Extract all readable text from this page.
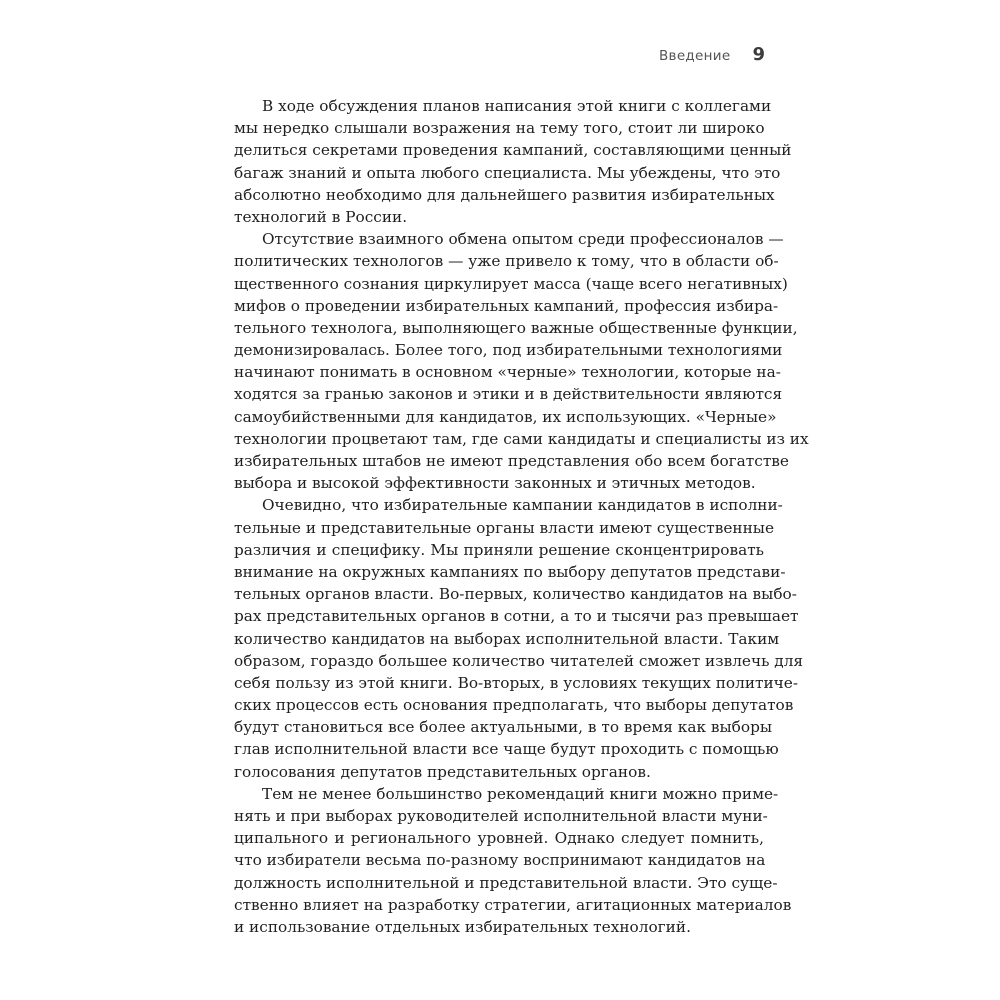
Введение 9
В ходе обсуждения планов написания этой книги с коллегами
мы нередко слышали возражения на тему того, стоит ли широко
делиться секретами проведения кампаний, составляющими ценный
багаж знаний и опыта любого специалиста. Мы убеждены, что это
абсолютно необходимо для дальнейшего развития избирательных
технологий в России.
Отсутствие взаимного обмена опытом среди профессионалов —
политических технологов — уже привело к тому, что в области об-
щественного сознания циркулирует масса (чаще всего негативных)
мифов о проведении избирательных кампаний, профессия избира-
тельного технолога, выполняющего важные общественные функции,
демонизировалась. Более того, под избирательными технологиями
начинают понимать в основном «черные» технологии, которые на-
ходятся за гранью законов и этики и в действительности являются
самоубийственными для кандидатов, их использующих. «Черные»
технологии процветают там, где сами кандидаты и специалисты из их
избирательных штабов не имеют представления обо всем богатстве
выбора и высокой эффективности законных и этичных методов.
Очевидно, что избирательные кампании кандидатов в исполни-
тельные и представительные органы власти имеют существенные
различия и специфику. Мы приняли решение сконцентрировать
внимание на окружных кампаниях по выбору депутатов представи-
тельных органов власти. Во-первых, количество кандидатов на выбо-
рах представительных органов в сотни, а то и тысячи раз превышает
количество кандидатов на выборах исполнительной власти. Таким
образом, гораздо большее количество читателей сможет извлечь для
себя пользу из этой книги. Во-вторых, в условиях текущих политиче-
ских процессов есть основания предполагать, что выборы депутатов
будут становиться все более актуальными, в то время как выборы
глав исполнительной власти все чаще будут проходить с помощью
голосования депутатов представительных органов.
Тем не менее большинство рекомендаций книги можно приме-
нять и при выборах руководителей исполнительной власти муни-
ципального и регионального уровней. Однако следует помнить,
что избиратели весьма по-разному воспринимают кандидатов на
должность исполнительной и представительной власти. Это суще-
ственно влияет на разработку стратегии, агитационных материалов
и использование отдельных избирательных технологий.
